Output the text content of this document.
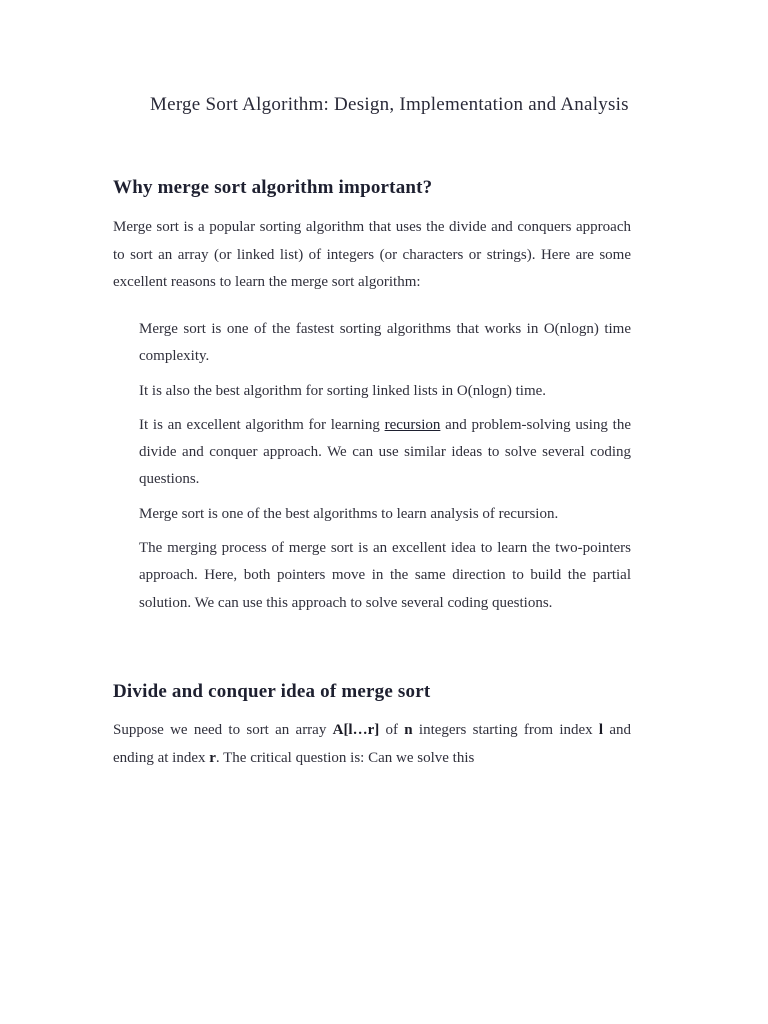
Merge Sort Algorithm: Design, Implementation and Analysis
Why merge sort algorithm important?

Merge sort is a popular sorting algorithm that uses the divide and conquers approach to sort an array (or linked list) of integers (or characters or strings). Here are some excellent reasons to learn the merge sort algorithm:

Merge sort is one of the fastest sorting algorithms that works in O(nlogn) time complexity.
It is also the best algorithm for sorting linked lists in O(nlogn) time.
It is an excellent algorithm for learning recursion and problem-solving using the divide and conquer approach. We can use similar ideas to solve several coding questions.
Merge sort is one of the best algorithms to learn analysis of recursion.
The merging process of merge sort is an excellent idea to learn the two-pointers approach. Here, both pointers move in the same direction to build the partial solution. We can use this approach to solve several coding questions.
Divide and conquer idea of merge sort

Suppose we need to sort an array A[l…r] of n integers starting from index l and ending at index r. The critical question is: Can we solve this
